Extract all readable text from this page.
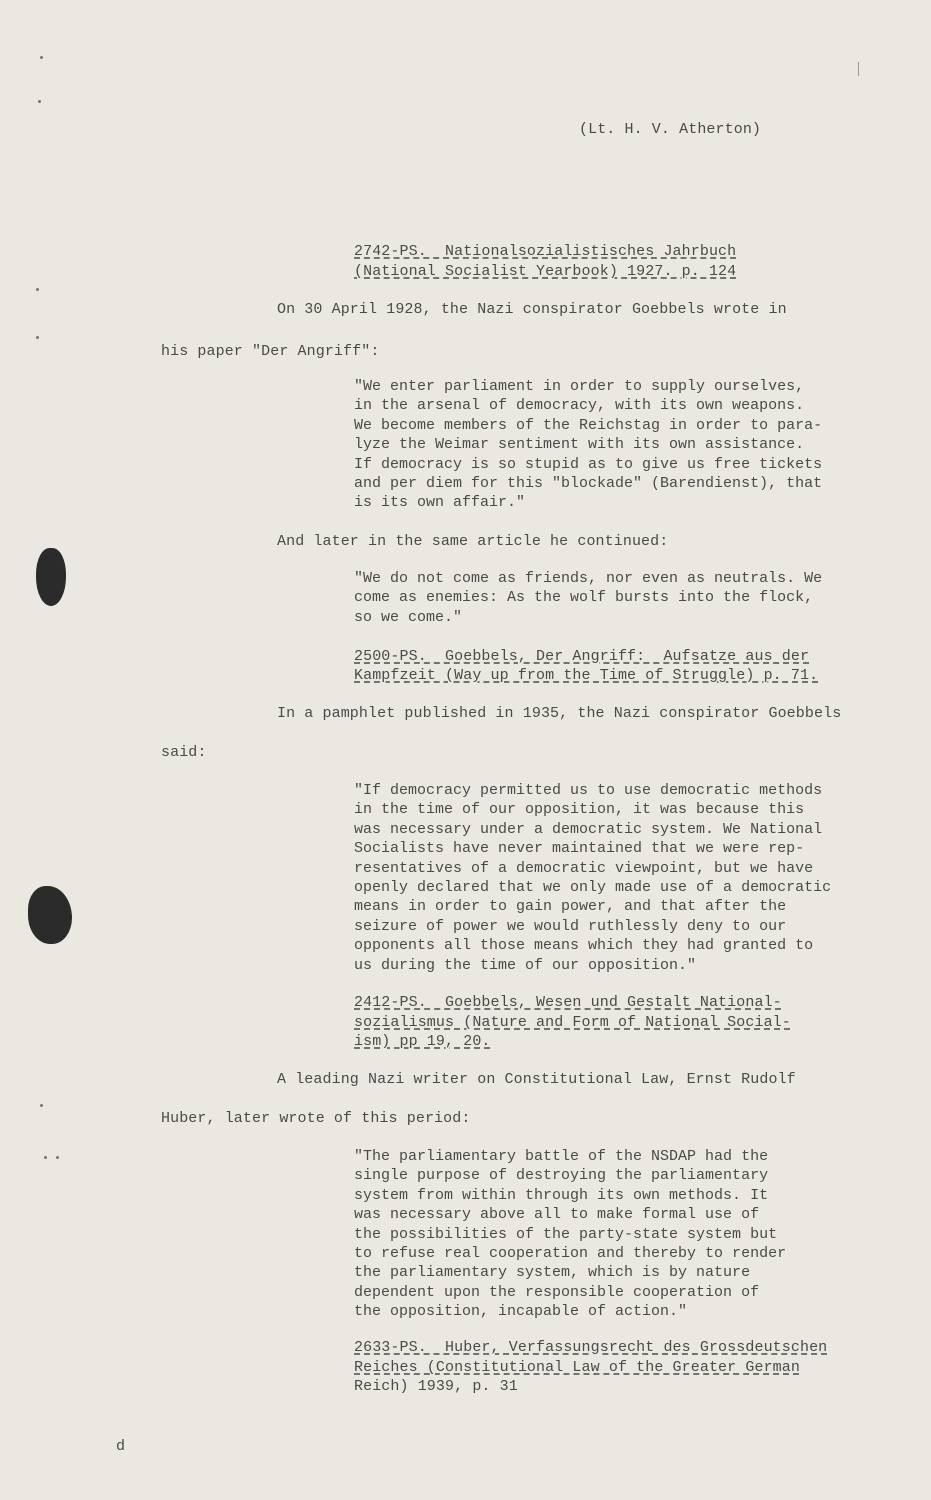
(Lt. H. V. Atherton)
2742-PS.  Nationalsozialistisches Jahrbuch
(National Socialist Yearbook) 1927. p. 124
On 30 April 1928, the Nazi conspirator Goebbels wrote in
his paper "Der Angriff":
"We enter parliament in order to supply ourselves,
in the arsenal of democracy, with its own weapons.
We become members of the Reichstag in order to para-
lyze the Weimar sentiment with its own assistance.
If democracy is so stupid as to give us free tickets
and per diem for this "blockade" (Barendienst), that
is its own affair."
And later in the same article he continued:
"We do not come as friends, nor even as neutrals. We
come as enemies: As the wolf bursts into the flock,
so we come."
2500-PS.  Goebbels, Der Angriff:  Aufsatze aus der
Kampfzeit (Way up from the Time of Struggle) p. 71.
In a pamphlet published in 1935, the Nazi conspirator Goebbels
said:
"If democracy permitted us to use democratic methods
in the time of our opposition, it was because this
was necessary under a democratic system. We National
Socialists have never maintained that we were rep-
resentatives of a democratic viewpoint, but we have
openly declared that we only made use of a democratic
means in order to gain power, and that after the
seizure of power we would ruthlessly deny to our
opponents all those means which they had granted to
us during the time of our opposition."
2412-PS.  Goebbels, Wesen und Gestalt National-
sozialismus (Nature and Form of National Social-
ism) pp 19, 20.
A leading Nazi writer on Constitutional Law, Ernst Rudolf
Huber, later wrote of this period:
"The parliamentary battle of the NSDAP had the
single purpose of destroying the parliamentary
system from within through its own methods. It
was necessary above all to make formal use of
the possibilities of the party-state system but
to refuse real cooperation and thereby to render
the parliamentary system, which is by nature
dependent upon the responsible cooperation of
the opposition, incapable of action."
2633-PS.  Huber, Verfassungsrecht des Grossdeutschen
Reiches (Constitutional Law of the Greater German
Reich) 1939, p. 31
d
